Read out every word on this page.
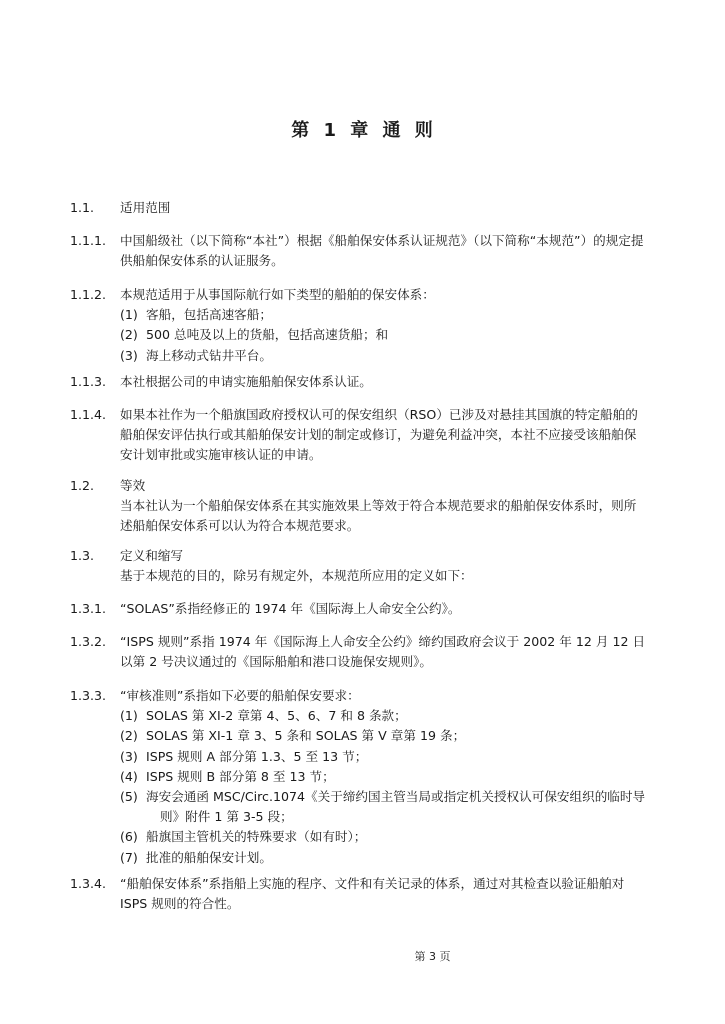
第 1 章 通 则
1.1.	适用范围
1.1.1.	中国船级社（以下简称“本社”）根据《船舶保安体系认证规范》（以下简称“本规范”）的规定提
供船舶保安体系的认证服务。
1.1.2.	本规范适用于从事国际航行如下类型的船舶的保安体系：
(1) 客船，包括高速客船；
(2) 500 总吨及以上的货船，包括高速货船；和
(3) 海上移动式钻井平台。
1.1.3.	本社根据公司的申请实施船舶保安体系认证。
1.1.4.	如果本社作为一个船旗国政府授权认可的保安组织（RSO）已涉及对悬挂其国旗的特定船舶的
船舶保安评估执行或其船舶保安计划的制定或修订，为避免利益冲突，本社不应接受该船舶保
安计划审批或实施审核认证的申请。
1.2.	等效
当本社认为一个船舶保安体系在其实施效果上等效于符合本规范要求的船舶保安体系时，则所
述船舶保安体系可以认为符合本规范要求。
1.3.	定义和缩写
基于本规范的目的，除另有规定外，本规范所应用的定义如下：
1.3.1.	“SOLAS”系指经修正的 1974 年《国际海上人命安全公约》。
1.3.2.	“ISPS 规则”系指 1974 年《国际海上人命安全公约》缔约国政府会议于 2002 年 12 月 12 日
以第 2 号决议通过的《国际船舶和港口设施保安规则》。
1.3.3.	“审核准则”系指如下必要的船舶保安要求：
(1) SOLAS 第 XI-2 章第 4、5、6、7 和 8 条款；
(2) SOLAS 第 XI-1 章 3、5 条和 SOLAS 第 V 章第 19 条；
(3) ISPS 规则 A 部分第 1.3、5 至 13 节；
(4) ISPS 规则 B 部分第 8 至 13 节；
(5) 海安会通函 MSC/Circ.1074《关于缔约国主管当局或指定机关授权认可保安组织的临时导
则》附件 1 第 3-5 段；
(6) 船旗国主管机关的特殊要求（如有时）；
(7) 批准的船舶保安计划。
1.3.4.	“船舶保安体系”系指船上实施的程序、文件和有关记录的体系，通过对其检查以验证船舶对
ISPS 规则的符合性。
第 3 页
